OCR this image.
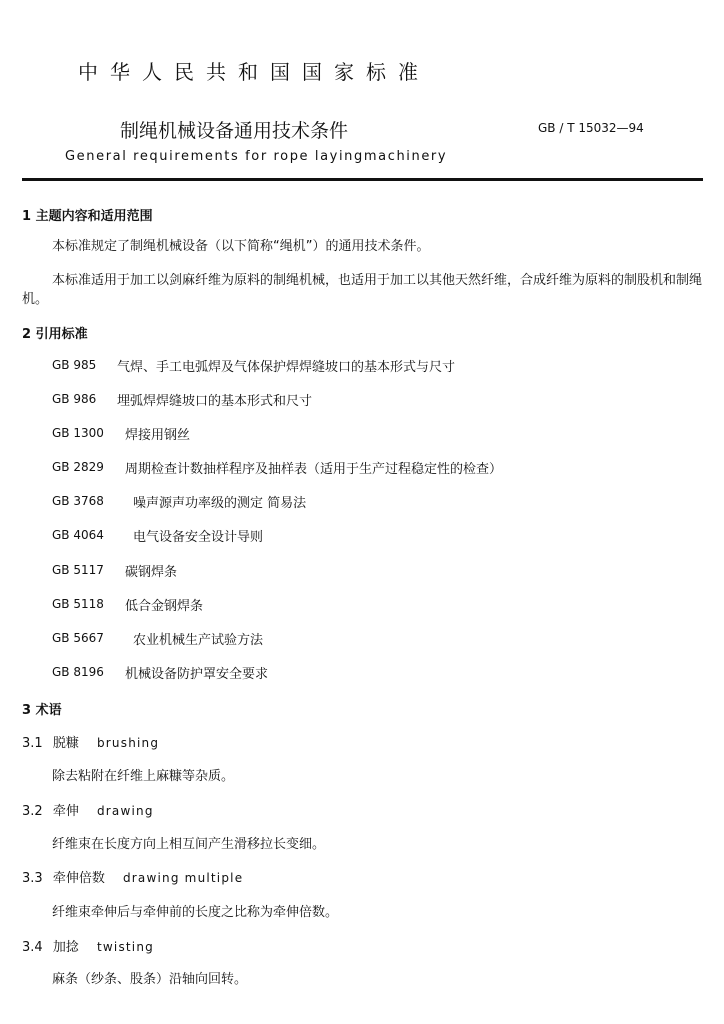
中华人民共和国国家标准
制绳机械设备通用技术条件	GB / T 15032—94
General requirements for rope layingmachinery
1 主题内容和适用范围
本标准规定了制绳机械设备（以下简称“绳机”）的通用技术条件。
本标准适用于加工以剑麻纤维为原料的制绳机械，也适用于加工以其他天然纤维，合成纤维为原料的制股机和制绳机。
2 引用标准
GB 985 气焊、手工电弧焊及气体保护焊焊缝坡口的基本形式与尺寸
GB 986 埋弧焊焊缝坡口的基本形式和尺寸
GB 1300 焊接用钢丝
GB 2829 周期检查计数抽样程序及抽样表（适用于生产过程稳定性的检查）
GB 3768 噪声源声功率级的测定 简易法
GB 4064 电气设备安全设计导则
GB 5117 碳钢焊条
GB 5118 低合金钢焊条
GB 5667 农业机械生产试验方法
GB 8196 机械设备防护罩安全要求
3 术语
3.1 脱糠 brushing
除去粘附在纤维上麻糠等杂质。
3.2 牵伸 drawing
纤维束在长度方向上相互间产生滑移拉长变细。
3.3 牵伸倍数 drawing multiple
纤维束牵伸后与牵伸前的长度之比称为牵伸倍数。
3.4 加捻 twisting
麻条（纱条、股条）沿轴向回转。
